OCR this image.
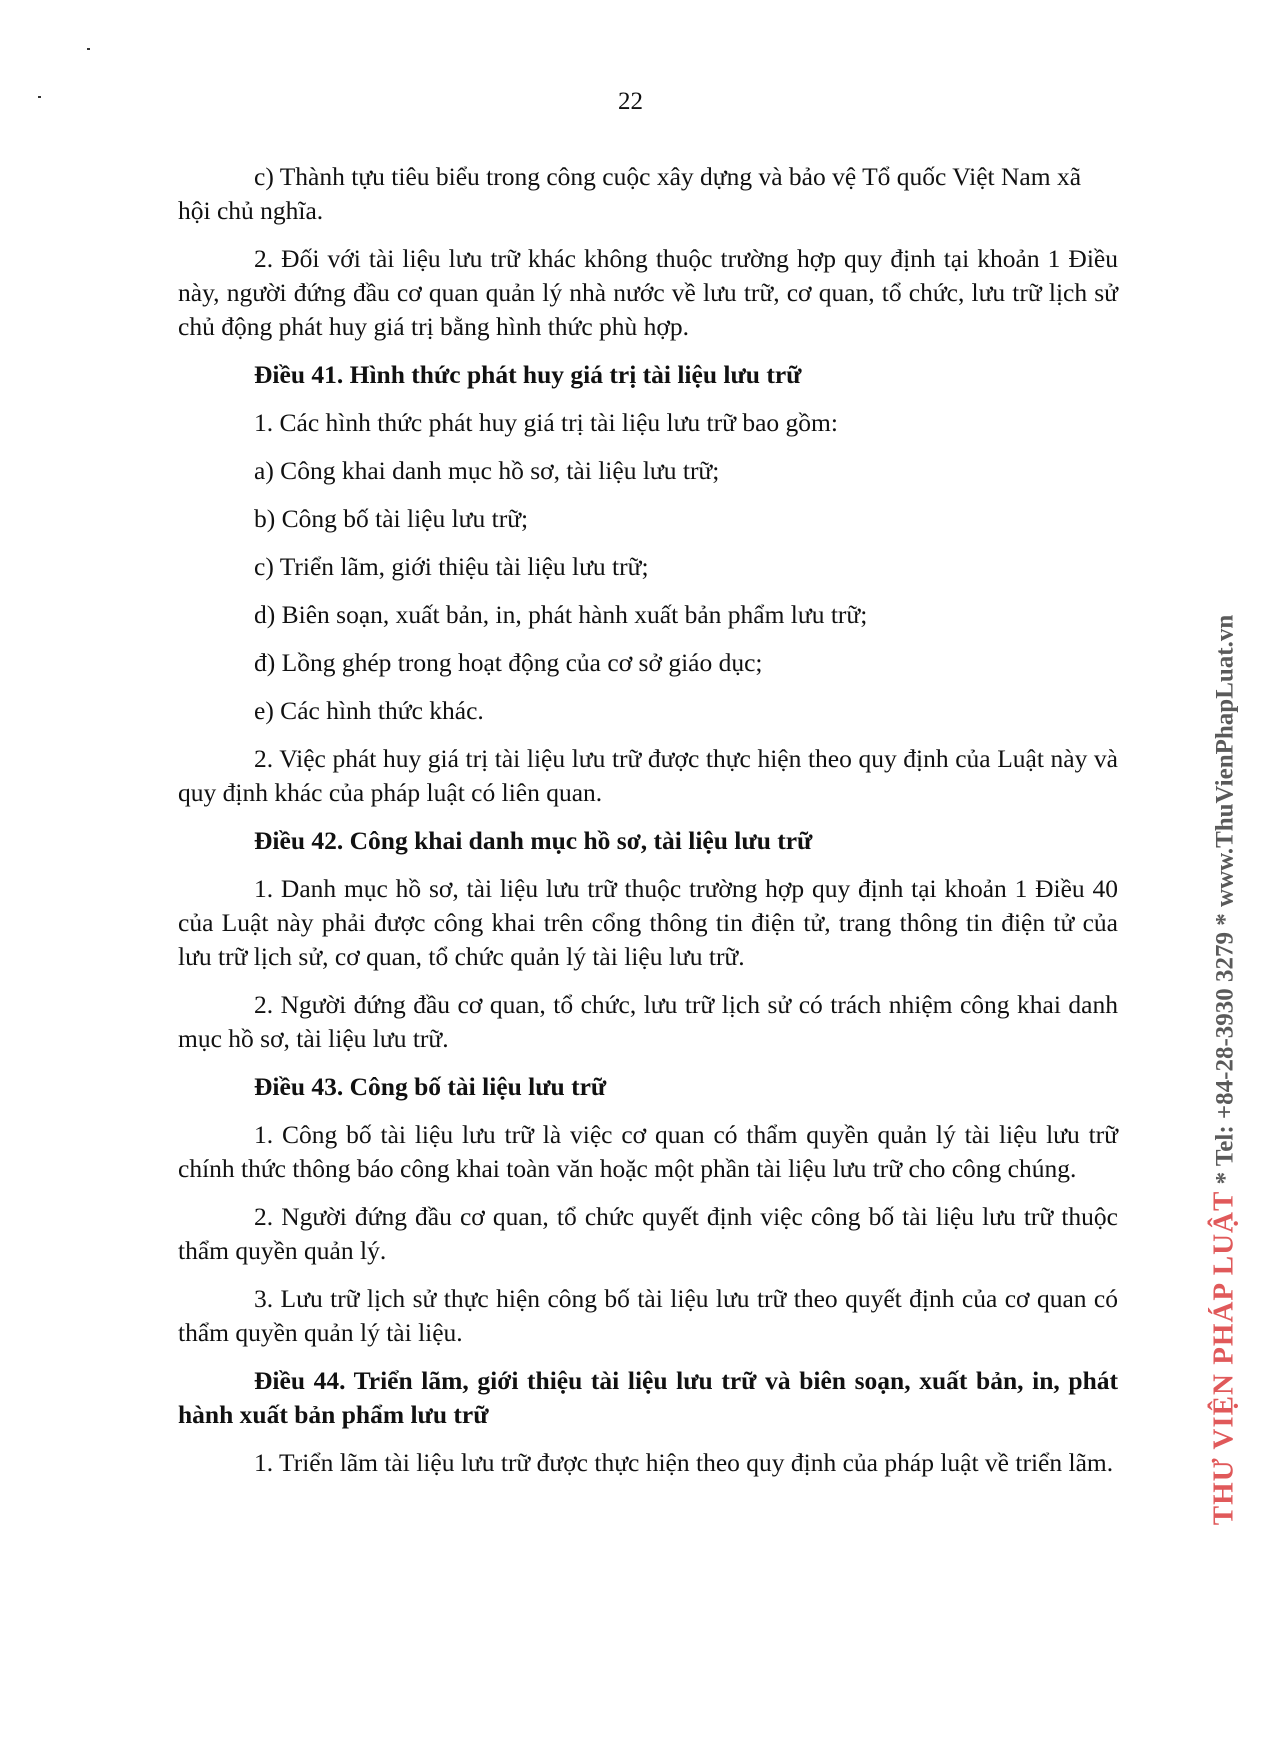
22

c) Thành tựu tiêu biểu trong công cuộc xây dựng và bảo vệ Tổ quốc Việt Nam xã hội chủ nghĩa.

2. Đối với tài liệu lưu trữ khác không thuộc trường hợp quy định tại khoản 1 Điều này, người đứng đầu cơ quan quản lý nhà nước về lưu trữ, cơ quan, tổ chức, lưu trữ lịch sử chủ động phát huy giá trị bằng hình thức phù hợp.

Điều 41. Hình thức phát huy giá trị tài liệu lưu trữ

1. Các hình thức phát huy giá trị tài liệu lưu trữ bao gồm:

a) Công khai danh mục hồ sơ, tài liệu lưu trữ;

b) Công bố tài liệu lưu trữ;

c) Triển lãm, giới thiệu tài liệu lưu trữ;

d) Biên soạn, xuất bản, in, phát hành xuất bản phẩm lưu trữ;

đ) Lồng ghép trong hoạt động của cơ sở giáo dục;

e) Các hình thức khác.

2. Việc phát huy giá trị tài liệu lưu trữ được thực hiện theo quy định của Luật này và quy định khác của pháp luật có liên quan.

Điều 42. Công khai danh mục hồ sơ, tài liệu lưu trữ

1. Danh mục hồ sơ, tài liệu lưu trữ thuộc trường hợp quy định tại khoản 1 Điều 40 của Luật này phải được công khai trên cổng thông tin điện tử, trang thông tin điện tử của lưu trữ lịch sử, cơ quan, tổ chức quản lý tài liệu lưu trữ.

2. Người đứng đầu cơ quan, tổ chức, lưu trữ lịch sử có trách nhiệm công khai danh mục hồ sơ, tài liệu lưu trữ.

Điều 43. Công bố tài liệu lưu trữ

1. Công bố tài liệu lưu trữ là việc cơ quan có thẩm quyền quản lý tài liệu lưu trữ chính thức thông báo công khai toàn văn hoặc một phần tài liệu lưu trữ cho công chúng.

2. Người đứng đầu cơ quan, tổ chức quyết định việc công bố tài liệu lưu trữ thuộc thẩm quyền quản lý.

3. Lưu trữ lịch sử thực hiện công bố tài liệu lưu trữ theo quyết định của cơ quan có thẩm quyền quản lý tài liệu.

Điều 44. Triển lãm, giới thiệu tài liệu lưu trữ và biên soạn, xuất bản, in, phát hành xuất bản phẩm lưu trữ

1. Triển lãm tài liệu lưu trữ được thực hiện theo quy định của pháp luật về triển lãm.	THƯ VIỆN PHÁP LUẬT * Tel: +84-28-3930 3279 * www.ThuVienPhapLuat.vn
